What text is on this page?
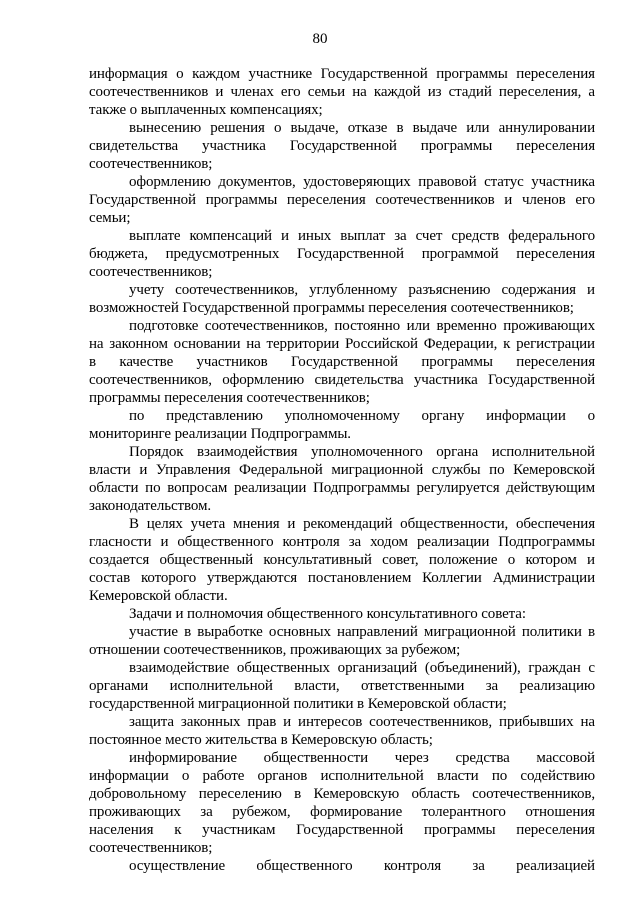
80
информация о каждом участнике Государственной программы переселения
соотечественников и членах его семьи на каждой из стадий переселения, а
также о выплаченных компенсациях;
вынесению решения о выдаче, отказе в выдаче или аннулировании
свидетельства участника Государственной программы переселения
соотечественников;
оформлению документов, удостоверяющих правовой статус участника
Государственной программы переселения соотечественников и членов его
семьи;
выплате компенсаций и иных выплат за счет средств федерального
бюджета, предусмотренных Государственной программой переселения
соотечественников;
учету соотечественников, углубленному разъяснению содержания и
возможностей Государственной программы переселения соотечественников;
подготовке соотечественников, постоянно или временно проживающих
на законном основании на территории Российской Федерации, к регистрации
в качестве участников Государственной программы переселения
соотечественников, оформлению свидетельства участника Государственной
программы переселения соотечественников;
по представлению уполномоченному органу информации о
мониторинге реализации Подпрограммы.
Порядок взаимодействия уполномоченного органа исполнительной
власти и Управления Федеральной миграционной службы по Кемеровской
области по вопросам реализации Подпрограммы регулируется действующим
законодательством.
В целях учета мнения и рекомендаций общественности, обеспечения
гласности и общественного контроля за ходом реализации Подпрограммы
создается общественный консультативный совет, положение о котором и
состав которого утверждаются постановлением Коллегии Администрации
Кемеровской области.
Задачи и полномочия общественного консультативного совета:
участие в выработке основных направлений миграционной политики в
отношении соотечественников, проживающих за рубежом;
взаимодействие общественных организаций (объединений), граждан с
органами исполнительной власти, ответственными за реализацию
государственной миграционной политики в Кемеровской области;
защита законных прав и интересов соотечественников, прибывших на
постоянное место жительства в Кемеровскую область;
информирование общественности через средства массовой
информации о работе органов исполнительной власти по содействию
добровольному переселению в Кемеровскую область соотечественников,
проживающих за рубежом, формирование толерантного отношения
населения к участникам Государственной программы переселения
соотечественников;
осуществление общественного контроля за реализацией
